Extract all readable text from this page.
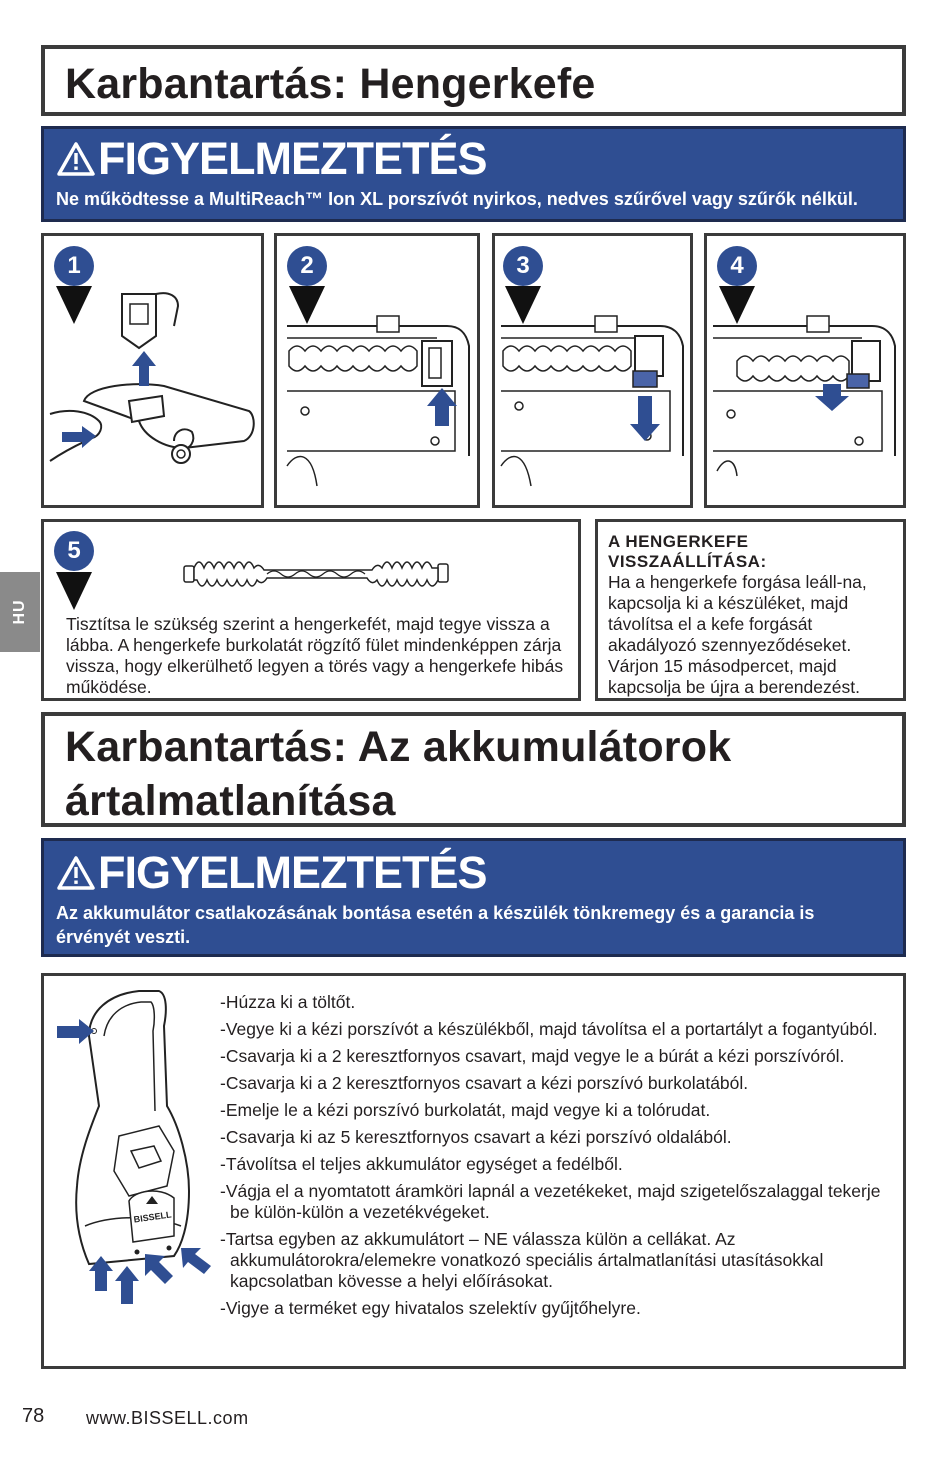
Karbantartás: Hengerkefe
FIGYELMEZTETÉS
Ne működtesse a MultiReach™ Ion XL porszívót nyirkos, nedves szűrővel vagy szűrők nélkül.
1	2	3	4
HU
5
Tisztítsa le szükség szerint a hengerkefét, majd tegye vissza a lábba. A hengerkefe burkolatát rögzítő fület mindenképpen zárja vissza, hogy elkerülhető legyen a törés vagy a hengerkefe hibás működése.
A HENGERKEFE
VISSZAÁLLÍTÁSA:
Ha a hengerkefe forgása leáll-na, kapcsolja ki a készüléket, majd távolítsa el a kefe forgását akadályozó szennyeződéseket. Várjon 15 másodpercet, majd kapcsolja be újra a berendezést.
Karbantartás: Az akkumulátorok
ártalmatlanítása
FIGYELMEZTETÉS
Az akkumulátor csatlakozásának bontása esetén a készülék tönkremegy és a garancia is érvényét veszti.
BISSELL
-Húzza ki a töltőt.
-Vegye ki a kézi porszívót a készülékből, majd távolítsa el a portartályt a fogantyúból.
-Csavarja ki a 2 keresztfornyos csavart, majd vegye le a búrát a kézi porszívóról.
-Csavarja ki a 2 keresztfornyos csavart a kézi porszívó burkolatából.
-Emelje le a kézi porszívó burkolatát, majd vegye ki a tolórudat.
-Csavarja ki az 5 keresztfornyos csavart a kézi porszívó oldalából.
-Távolítsa el teljes akkumulátor egységet a fedélből.
-Vágja el a nyomtatott áramköri lapnál a vezetékeket, majd szigetelőszalaggal tekerje be külön-külön a vezetékvégeket.
-Tartsa egyben az akkumulátort – NE válassza külön a cellákat. Az akkumulátorokra/elemekre vonatkozó speciális ártalmatlanítási utasításokkal kapcsolatban kövesse a helyi előírásokat.
-Vigye a terméket egy hivatalos szelektív gyűjtőhelyre.
78 www.BISSELL.com
